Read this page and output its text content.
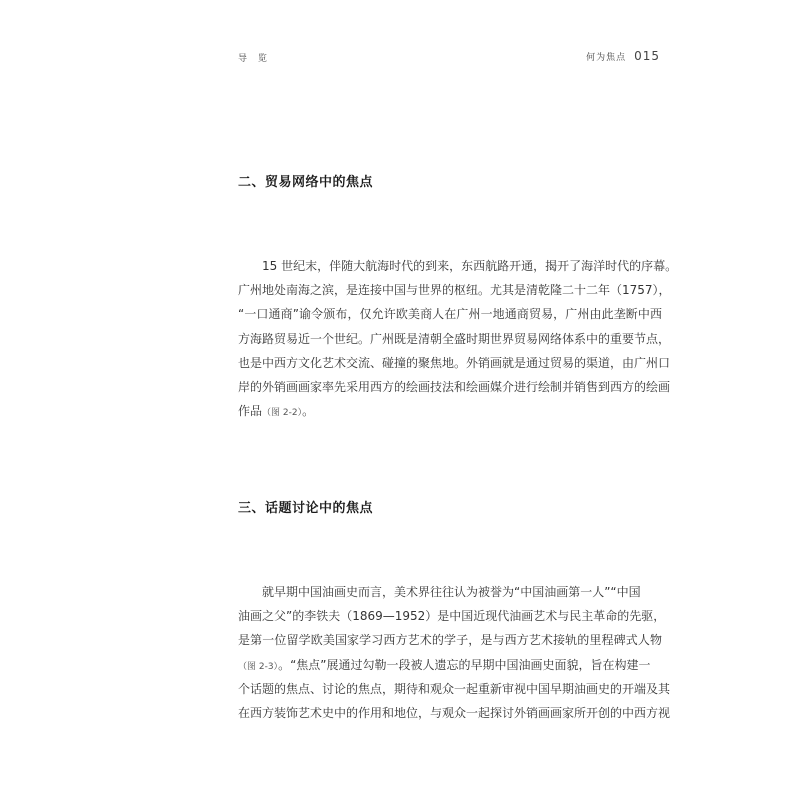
导 览	何为焦点 015
二、贸易网络中的焦点
15 世纪末，伴随大航海时代的到来，东西航路开通，揭开了海洋时代的序幕。
广州地处南海之滨，是连接中国与世界的枢纽。尤其是清乾隆二十二年（1757），
“一口通商”谕令颁布，仅允许欧美商人在广州一地通商贸易，广州由此垄断中西
方海路贸易近一个世纪。广州既是清朝全盛时期世界贸易网络体系中的重要节点，
也是中西方文化艺术交流、碰撞的聚焦地。外销画就是通过贸易的渠道，由广州口
岸的外销画画家率先采用西方的绘画技法和绘画媒介进行绘制并销售到西方的绘画
作品（图 2-2）。
三、话题讨论中的焦点
就早期中国油画史而言，美术界往往认为被誉为“中国油画第一人”“中国
油画之父”的李铁夫（1869—1952）是中国近现代油画艺术与民主革命的先驱，
是第一位留学欧美国家学习西方艺术的学子，是与西方艺术接轨的里程碑式人物
（图 2-3）。“焦点”展通过勾勒一段被人遗忘的早期中国油画史面貌，旨在构建一
个话题的焦点、讨论的焦点，期待和观众一起重新审视中国早期油画史的开端及其
在西方装饰艺术史中的作用和地位，与观众一起探讨外销画画家所开创的中西方视
